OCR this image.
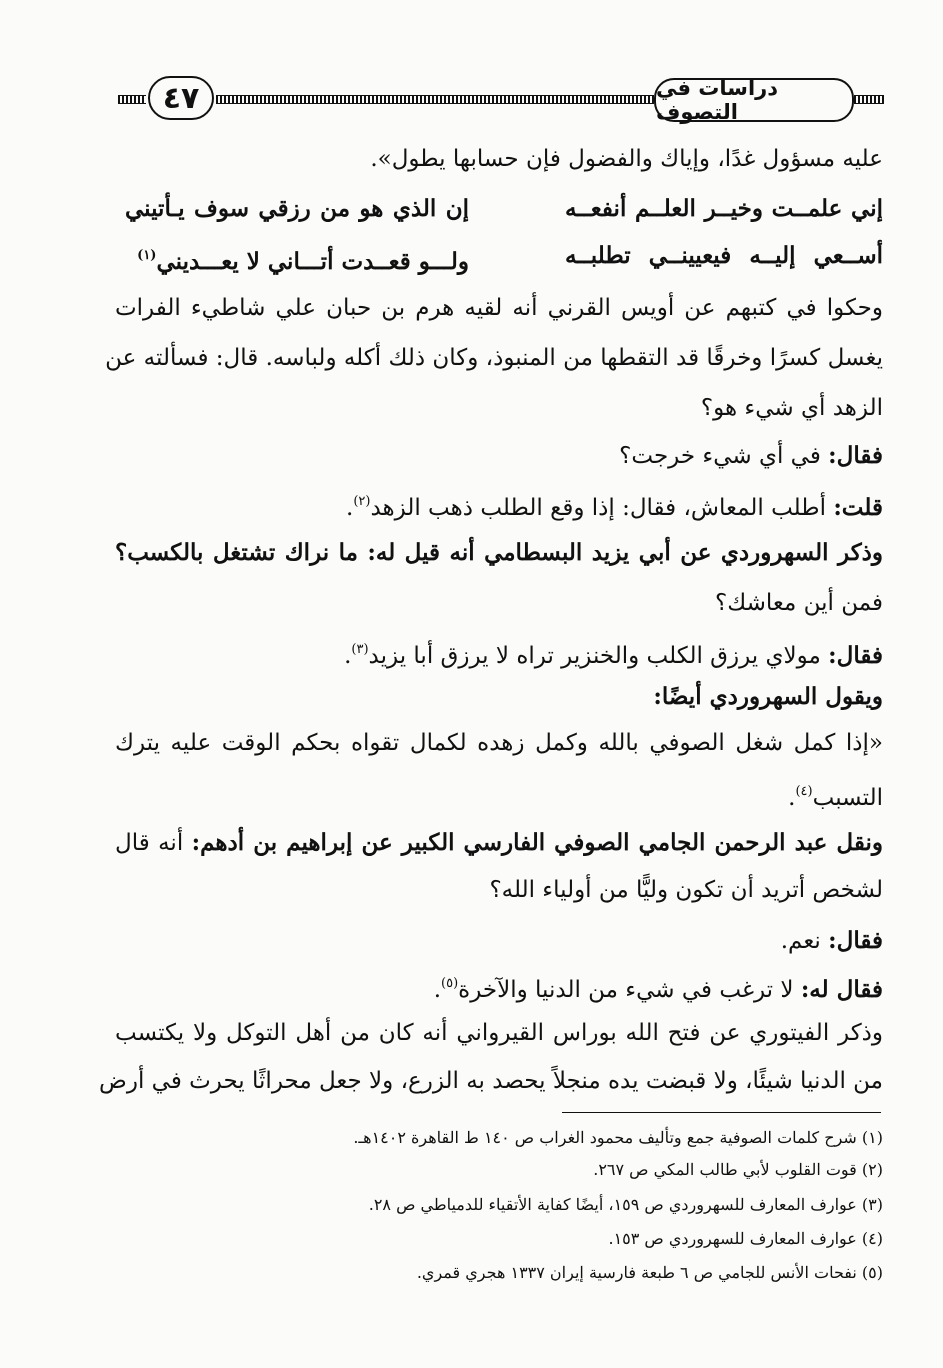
٤٧	دراسات في التصوف
عليه مسؤول غدًا، وإياك والفضول فإن حسابها يطول».
إني علمــت وخيــر العلــم أنفعــه
إن الذي هو من رزقي سوف يـأتيني
أســعي إليــه فيعيينــي تطلبــه
ولـــو قعــدت أتـــاني لا يعـــديني$^{(١)}$
وحكوا في كتبهم عن أويس القرني أنه لقيه هرم بن حبان علي شاطيء الفرات
يغسل كسرًا وخرقًا قد التقطها من المنبوذ، وكان ذلك أكله ولباسه. قال: فسألته عن
الزهد أي شيء هو؟
فقال: في أي شيء خرجت؟
قلت: أطلب المعاش، فقال: إذا وقع الطلب ذهب الزهد$^{(٢)}$.
وذكر السهروردي عن أبي يزيد البسطامي أنه قيل له: ما نراك تشتغل بالكسب؟
فمن أين معاشك؟
فقال: مولاي يرزق الكلب والخنزير تراه لا يرزق أبا يزيد$^{(٣)}$.
ويقول السهروردي أيضًا:
«إذا كمل شغل الصوفي بالله وكمل زهده لكمال تقواه بحكم الوقت عليه يترك
التسبب$^{(٤)}$.
ونقل عبد الرحمن الجامي الصوفي الفارسي الكبير عن إبراهيم بن أدهم: أنه قال
لشخص أتريد أن تكون وليًّا من أولياء الله؟
فقال: نعم.
فقال له: لا ترغب في شيء من الدنيا والآخرة$^{(٥)}$.
وذكر الفيتوري عن فتح الله بوراس القيرواني أنه كان من أهل التوكل ولا يكتسب
من الدنيا شيئًا، ولا قبضت يده منجلاً يحصد به الزرع، ولا جعل محراثًا يحرث في أرض
(١) شرح كلمات الصوفية جمع وتأليف محمود الغراب ص ١٤٠ ط القاهرة ١٤٠٢هـ.
(٢) قوت القلوب لأبي طالب المكي ص ٢٦٧.
(٣) عوارف المعارف للسهروردي ص ١٥٩، أيضًا كفاية الأتقياء للدمياطي ص ٢٨.
(٤) عوارف المعارف للسهروردي ص ١٥٣.
(٥) نفحات الأنس للجامي ص ٦ طبعة فارسية إيران ١٣٣٧ هجري قمري.
